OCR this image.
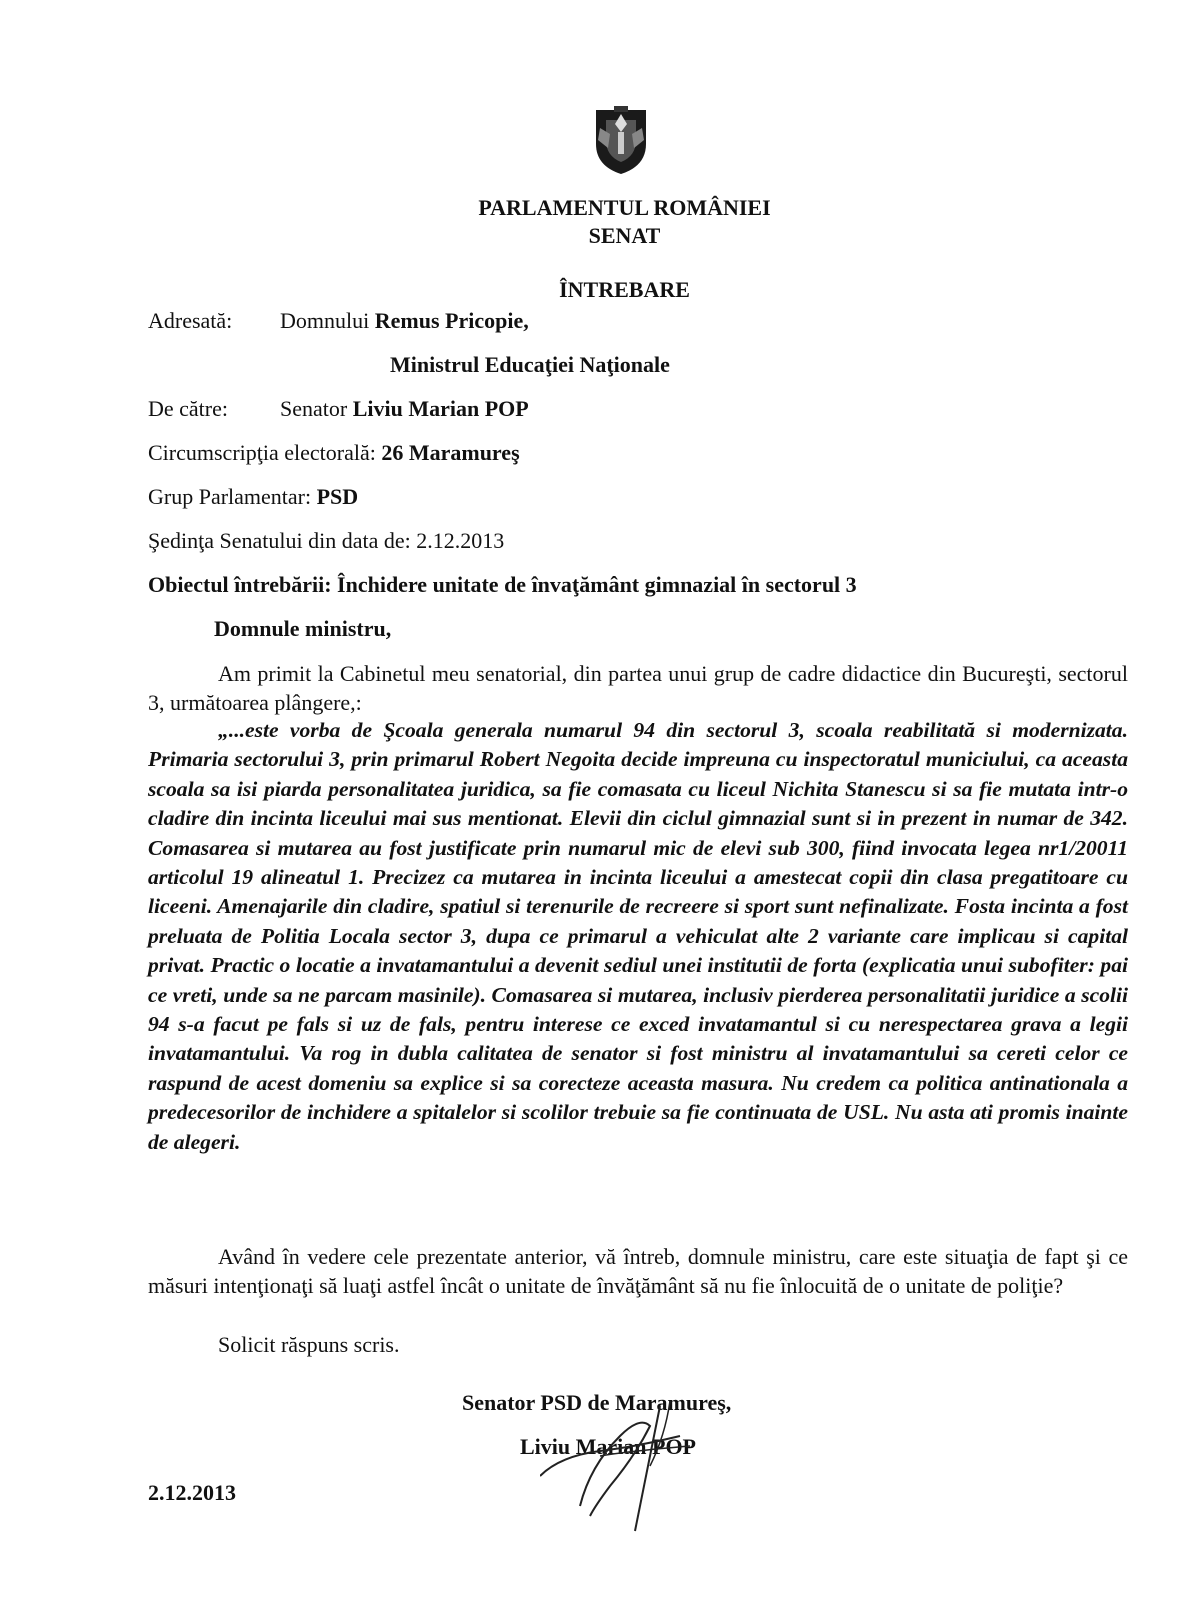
PARLAMENTUL ROMÂNIEI
SENAT
ÎNTREBARE
Adresată: Domnului Remus Pricopie,
Ministrul Educaţiei Naţionale
De către: Senator Liviu Marian POP
Circumscripţia electorală: 26 Maramureş
Grup Parlamentar: PSD
Şedinţa Senatului din data de: 2.12.2013
Obiectul întrebării: Închidere unitate de învaţământ gimnazial în sectorul 3
Domnule ministru,

Am primit la Cabinetul meu senatorial, din partea unui grup de cadre didactice din Bucureşti, sectorul 3, următoarea plângere,:

„...este vorba de Şcoala generala numarul 94 din sectorul 3, scoala reabilitată si modernizata. Primaria sectorului 3, prin primarul Robert Negoita decide impreuna cu inspectoratul municiului, ca aceasta scoala sa isi piarda personalitatea juridica, sa fie comasata cu liceul Nichita Stanescu si sa fie mutata intr-o cladire din incinta liceului mai sus mentionat. Elevii din ciclul gimnazial sunt si in prezent in numar de 342. Comasarea si mutarea au fost justificate prin numarul mic de elevi sub 300, fiind invocata legea nr1/20011 articolul 19 alineatul 1. Precizez ca mutarea in incinta liceului a amestecat copii din clasa pregatitoare cu liceeni. Amenajarile din cladire, spatiul si terenurile de recreere si sport sunt nefinalizate. Fosta incinta a fost preluata de Politia Locala sector 3, dupa ce primarul a vehiculat alte 2 variante care implicau si capital privat. Practic o locatie a invatamantului a devenit sediul unei institutii de forta (explicatia unui subofiter: pai ce vreti, unde sa ne parcam masinile). Comasarea si mutarea, inclusiv pierderea personalitatii juridice a scolii 94 s-a facut pe fals si uz de fals, pentru interese ce exced invatamantul si cu nerespectarea grava a legii invatamantului. Va rog in dubla calitatea de senator si fost ministru al invatamantului sa cereti celor ce raspund de acest domeniu sa explice si sa corecteze aceasta masura. Nu credem ca politica antinationala a predecesorilor de inchidere a spitalelor si scolilor trebuie sa fie continuata de USL. Nu asta ati promis inainte de alegeri.

Având în vedere cele prezentate anterior, vă întreb, domnule ministru, care este situaţia de fapt şi ce măsuri intenţionaţi să luaţi astfel încât o unitate de învăţământ să nu fie înlocuită de o unitate de poliţie?

Solicit răspuns scris.

Senator PSD de Maramureş,
Liviu Marian POP
2.12.2013
